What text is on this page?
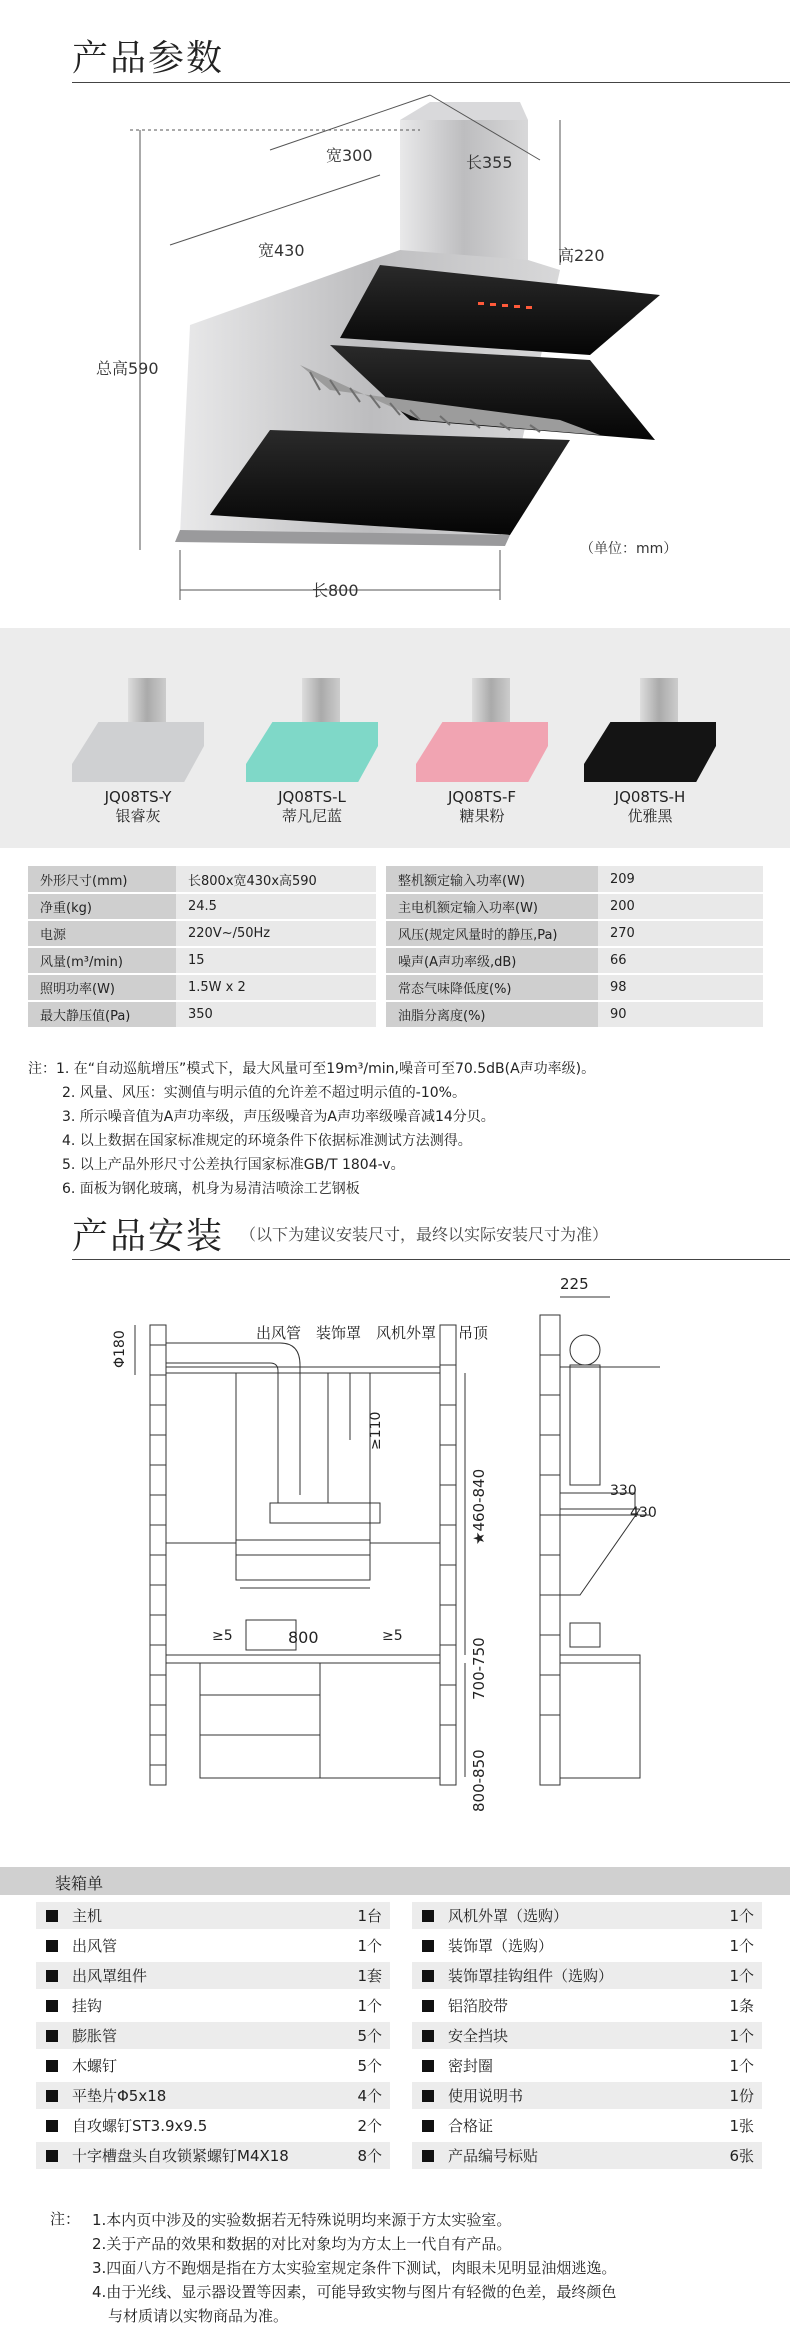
产品参数
宽300	长355
宽430	高220
总高590
长800
（单位：mm）
JQ08TS-Y
银睿灰
JQ08TS-L
蒂凡尼蓝
JQ08TS-F
糖果粉
JQ08TS-H
优雅黑
外形尺寸(mm)	长800x宽430x高590		整机额定输入功率(W)	209
净重(kg)	24.5		主电机额定输入功率(W)	200
电源	220V~/50Hz		风压(规定风量时的静压,Pa)	270
风量(m³/min)	15		噪声(A声功率级,dB)	66
照明功率(W)	1.5W x 2		常态气味降低度(%)	98
最大静压值(Pa)	350		油脂分离度(%)	90
注：1. 在“自动巡航增压”模式下，最大风量可至19m³/min,噪音可至70.5dB(A声功率级)。
2. 风量、风压：实测值与明示值的允许差不超过明示值的-10%。
3. 所示噪音值为A声功率级，声压级噪音为A声功率级噪音减14分贝。
4. 以上数据在国家标准规定的环境条件下依据标准测试方法测得。
5. 以上产品外形尺寸公差执行国家标准GB/T 1804-v。
6. 面板为钢化玻璃，机身为易清洁喷涂工艺钢板
产品安装 （以下为建议安装尺寸，最终以实际安装尺寸为准）
出风管 装饰罩 风机外罩 吊顶
Φ180
≥110
★460-840
800
≥5	≥5
700-750
800-850
225
330
430
装箱单
主机	1台
出风管	1个
出风罩组件	1套
挂钩	1个
膨胀管	5个
木螺钉	5个
平垫片Φ5x18	4个
自攻螺钉ST3.9x9.5	2个
十字槽盘头自攻锁紧螺钉M4X18	8个
风机外罩（选购）	1个
装饰罩（选购）	1个
装饰罩挂钩组件（选购）	1个
铝箔胶带	1条
安全挡块	1个
密封圈	1个
使用说明书	1份
合格证	1张
产品编号标贴	6张
注： 1.本内页中涉及的实验数据若无特殊说明均来源于方太实验室。
2.关于产品的效果和数据的对比对象均为方太上一代自有产品。
3.四面八方不跑烟是指在方太实验室规定条件下测试，肉眼未见明显油烟逃逸。
4.由于光线、显示器设置等因素，可能导致实物与图片有轻微的色差，最终颜色
与材质请以实物商品为准。
